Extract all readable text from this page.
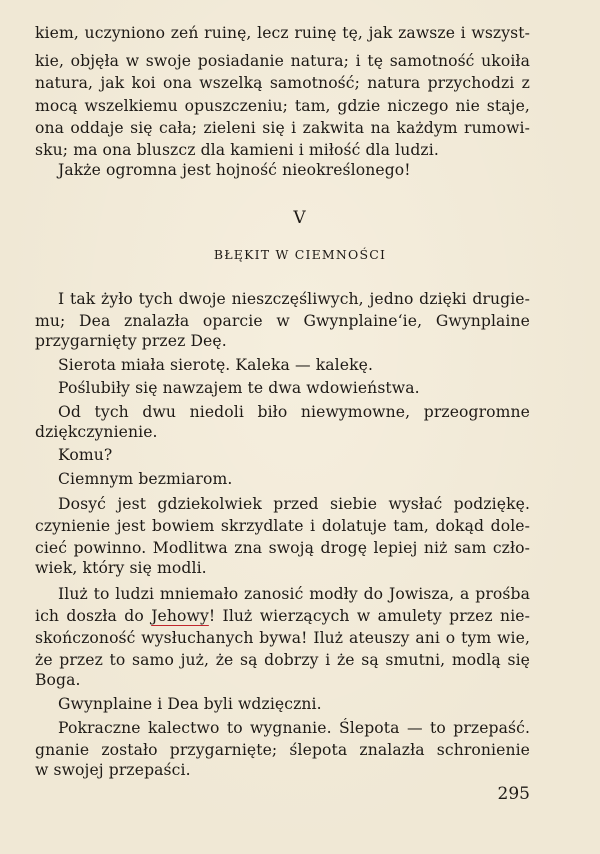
kiem, uczyniono zeń ruinę, lecz ruinę tę, jak zawsze i wszyst-
kie, objęła w swoje posiadanie natura; i tę samotność ukoiła
natura, jak koi ona wszelką samotność; natura przychodzi z
mocą wszelkiemu opuszczeniu; tam, gdzie niczego nie staje,
ona oddaje się cała; zieleni się i zakwita na każdym rumowi-
sku; ma ona bluszcz dla kamieni i miłość dla ludzi.
Jakże ogromna jest hojność nieokreślonego!
V
BŁĘKIT W CIEMNOŚCI
I tak żyło tych dwoje nieszczęśliwych, jedno dzięki drugie-
mu; Dea znalazła oparcie w Gwynplaine‘ie, Gwynplaine
przygarnięty przez Deę.
Sierota miała sierotę. Kaleka — kalekę.
Poślubiły się nawzajem te dwa wdowieństwa.
Od tych dwu niedoli biło niewymowne, przeogromne
dziękczynienie.
Komu?
Ciemnym bezmiarom.
Dosyć jest gdziekolwiek przed siebie wysłać podziękę.
czynienie jest bowiem skrzydlate i dolatuje tam, dokąd dole-
cieć powinno. Modlitwa zna swoją drogę lepiej niż sam czło-
wiek, który się modli.
Iluż to ludzi mniemało zanosić modły do Jowisza, a prośba
ich doszła do Jehowy! Iluż wierzących w amulety przez nie-
skończoność wysłuchanych bywa! Iluż ateuszy ani o tym wie,
że przez to samo już, że są dobrzy i że są smutni, modlą się
Boga.
Gwynplaine i Dea byli wdzięczni.
Pokraczne kalectwo to wygnanie. Ślepota — to przepaść.
gnanie zostało przygarnięte; ślepota znalazła schronienie
w swojej przepaści.
295
